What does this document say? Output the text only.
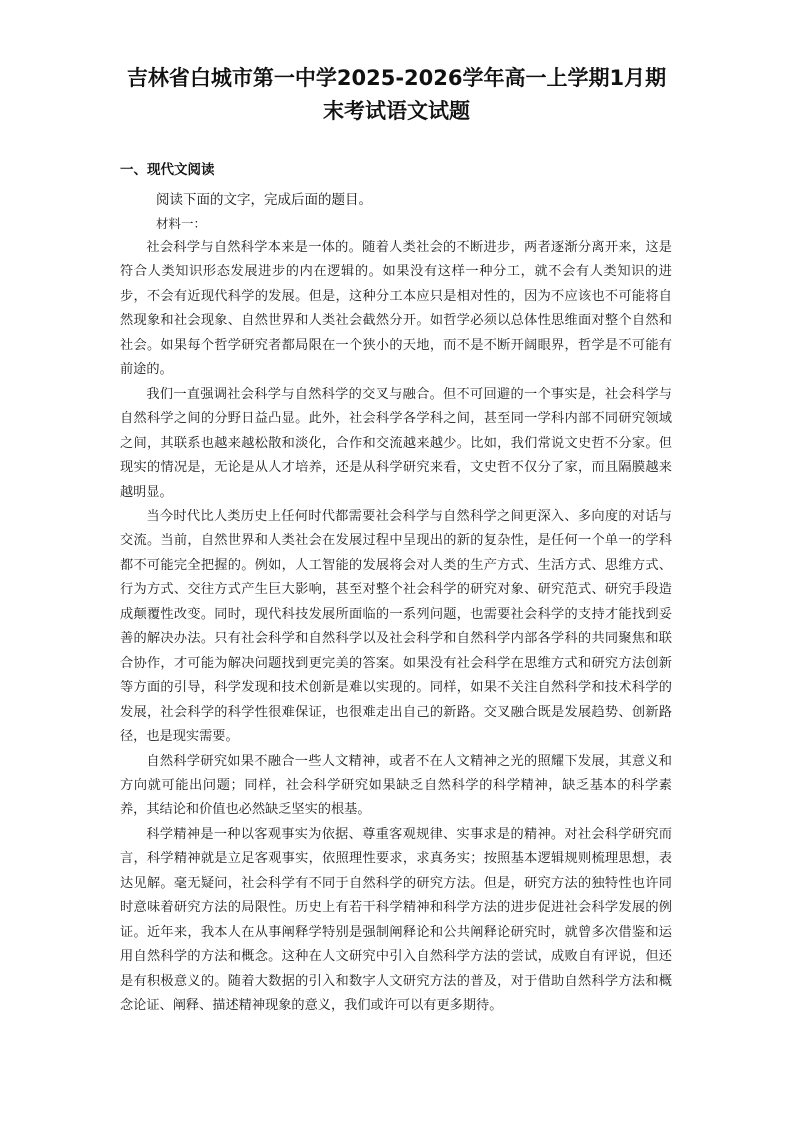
吉林省白城市第一中学2025-2026学年高一上学期1月期
末考试语文试题
一、现代文阅读
阅读下面的文字，完成后面的题目。
材料一：

社会科学与自然科学本来是一体的。随着人类社会的不断进步，两者逐渐分离开来，这是符合人类知识形态发展进步的内在逻辑的。如果没有这样一种分工，就不会有人类知识的进步，不会有近现代科学的发展。但是，这种分工本应只是相对性的，因为不应该也不可能将自然现象和社会现象、自然世界和人类社会截然分开。如哲学必须以总体性思维面对整个自然和社会。如果每个哲学研究者都局限在一个狭小的天地，而不是不断开阔眼界，哲学是不可能有前途的。

我们一直强调社会科学与自然科学的交叉与融合。但不可回避的一个事实是，社会科学与自然科学之间的分野日益凸显。此外，社会科学各学科之间，甚至同一学科内部不同研究领域之间，其联系也越来越松散和淡化，合作和交流越来越少。比如，我们常说文史哲不分家。但现实的情况是，无论是从人才培养，还是从科学研究来看，文史哲不仅分了家，而且隔膜越来越明显。

当今时代比人类历史上任何时代都需要社会科学与自然科学之间更深入、多向度的对话与交流。当前，自然世界和人类社会在发展过程中呈现出的新的复杂性，是任何一个单一的学科都不可能完全把握的。例如，人工智能的发展将会对人类的生产方式、生活方式、思维方式、行为方式、交往方式产生巨大影响，甚至对整个社会科学的研究对象、研究范式、研究手段造成颠覆性改变。同时，现代科技发展所面临的一系列问题，也需要社会科学的支持才能找到妥善的解决办法。只有社会科学和自然科学以及社会科学和自然科学内部各学科的共同聚焦和联合协作，才可能为解决问题找到更完美的答案。如果没有社会科学在思维方式和研究方法创新等方面的引导，科学发现和技术创新是难以实现的。同样，如果不关注自然科学和技术科学的发展，社会科学的科学性很难保证，也很难走出自己的新路。交叉融合既是发展趋势、创新路径，也是现实需要。

自然科学研究如果不融合一些人文精神，或者不在人文精神之光的照耀下发展，其意义和方向就可能出问题；同样，社会科学研究如果缺乏自然科学的科学精神，缺乏基本的科学素养，其结论和价值也必然缺乏坚实的根基。

科学精神是一种以客观事实为依据、尊重客观规律、实事求是的精神。对社会科学研究而言，科学精神就是立足客观事实，依照理性要求，求真务实；按照基本逻辑规则梳理思想，表达见解。毫无疑问，社会科学有不同于自然科学的研究方法。但是，研究方法的独特性也许同时意味着研究方法的局限性。历史上有若干科学精神和科学方法的进步促进社会科学发展的例证。近年来，我本人在从事阐释学特别是强制阐释论和公共阐释论研究时，就曾多次借鉴和运用自然科学的方法和概念。这种在人文研究中引入自然科学方法的尝试，成败自有评说，但还是有积极意义的。随着大数据的引入和数字人文研究方法的普及，对于借助自然科学方法和概念论证、阐释、描述精神现象的意义，我们或许可以有更多期待。
